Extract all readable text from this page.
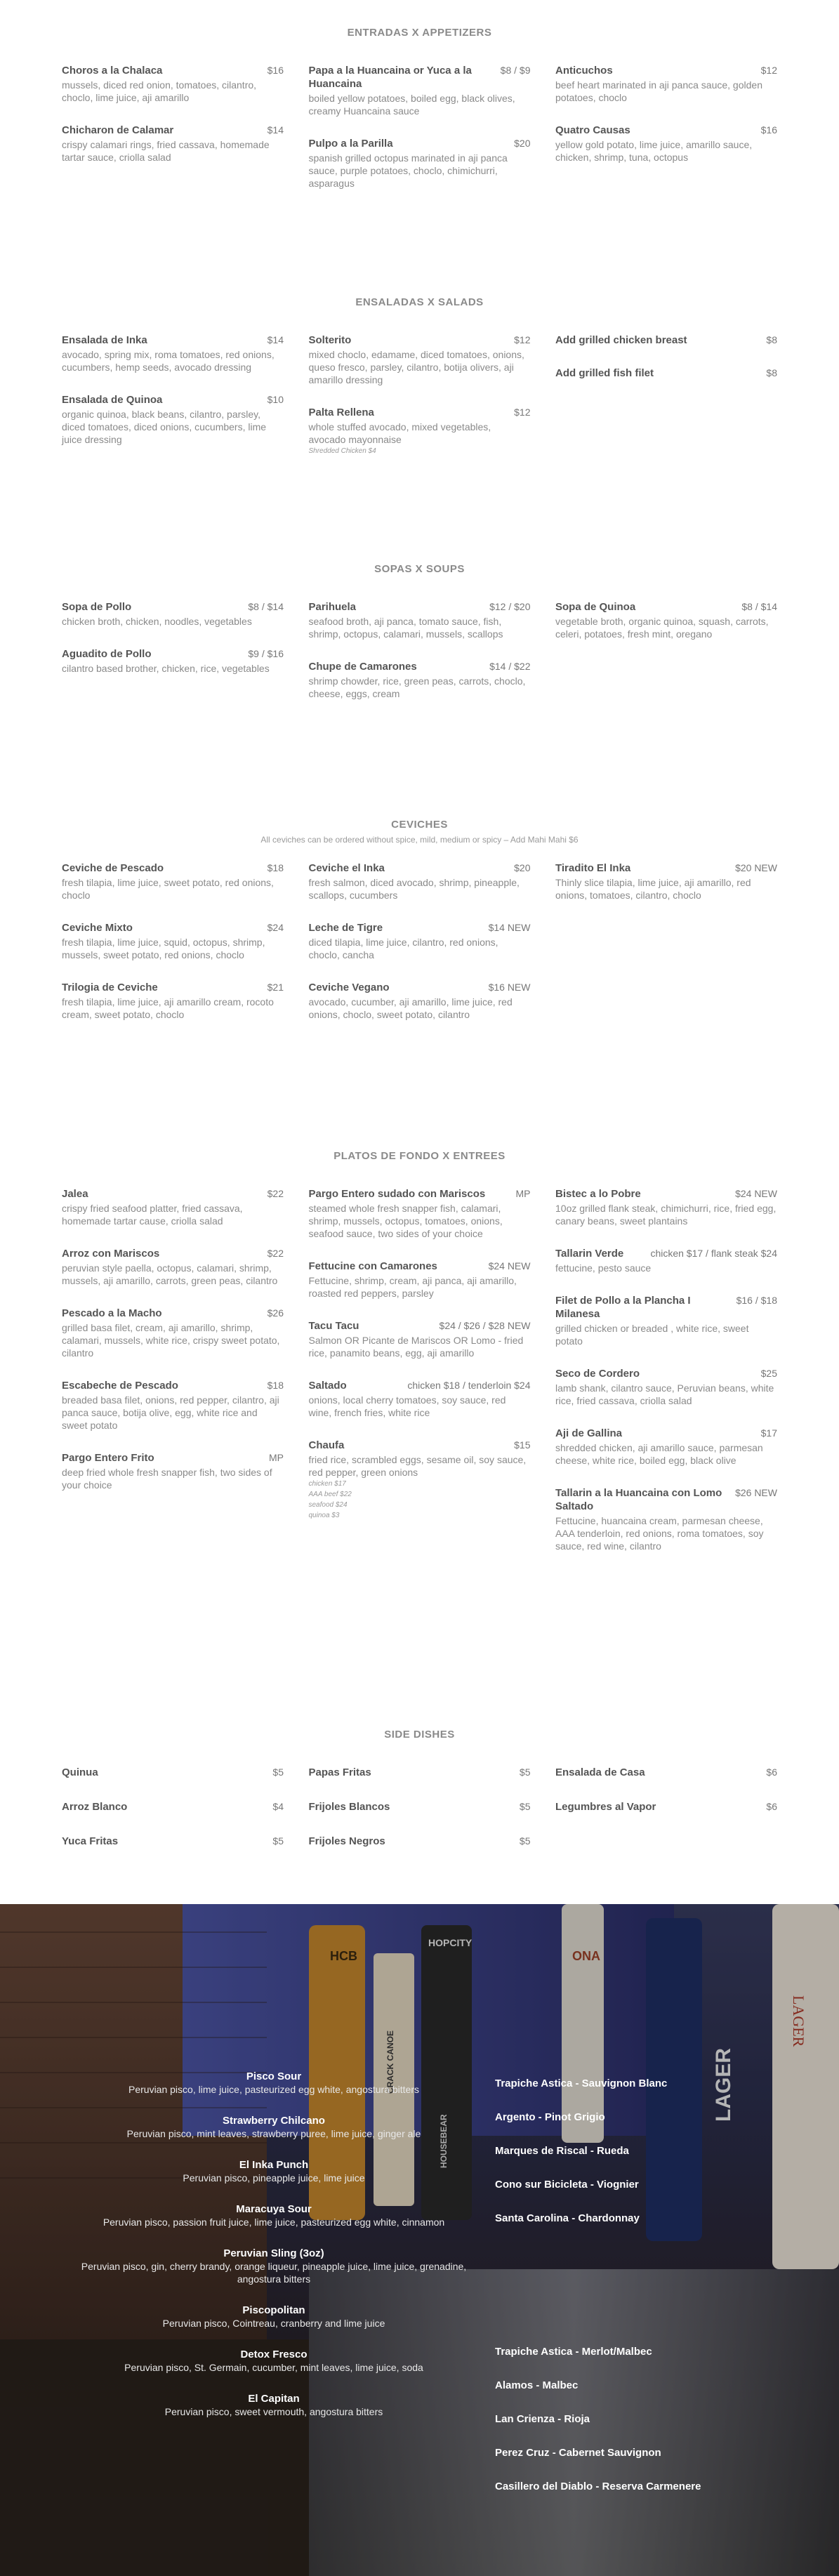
ENTRADAS X APPETIZERS
Choros a la Chalaca	$16
mussels, diced red onion, tomatoes, cilantro, choclo, lime juice, aji amarillo
Chicharon de Calamar	$14
crispy calamari rings, fried cassava, homemade tartar sauce, criolla salad
Papa a la Huancaina or Yuca a la Huancaina
$8 / $9
boiled yellow potatoes, boiled egg, black olives, creamy Huancaina sauce
Pulpo a la Parilla	$20
spanish grilled octopus marinated in aji panca sauce, purple potatoes, choclo, chimichurri, asparagus
Anticuchos	$12
beef heart marinated in aji panca sauce, golden potatoes, choclo
Quatro Causas	$16
yellow gold potato, lime juice, amarillo sauce, chicken, shrimp, tuna, octopus
ENSALADAS X SALADS
Ensalada de Inka	$14
avocado, spring mix, roma tomatoes, red onions, cucumbers, hemp seeds, avocado dressing
Ensalada de Quinoa	$10
organic quinoa, black beans, cilantro, parsley, diced tomatoes, diced onions, cucumbers, lime juice dressing
Solterito	$12
mixed choclo, edamame, diced tomatoes, onions, queso fresco, parsley, cilantro, botija olivers, aji amarillo dressing
Palta Rellena	$12
whole stuffed avocado, mixed vegetables, avocado mayonnaise
Shredded Chicken $4
Add grilled chicken breast	$8
Add grilled fish filet	$8
SOPAS X SOUPS
Sopa de Pollo	$8 / $14
chicken broth, chicken, noodles, vegetables
Aguadito de Pollo	$9 / $16
cilantro based brother, chicken, rice, vegetables
Parihuela	$12 / $20
seafood broth, aji panca, tomato sauce, fish, shrimp, octopus, calamari, mussels, scallops
Chupe de Camarones	$14 / $22
shrimp chowder, rice, green peas, carrots, choclo, cheese, eggs, cream
Sopa de Quinoa	$8 / $14
vegetable broth, organic quinoa, squash, carrots, celeri, potatoes, fresh mint, oregano
CEVICHES

All ceviches can be ordered without spice, mild, medium or spicy – Add Mahi Mahi $6

Ceviche de Pescado	$18
fresh tilapia, lime juice, sweet potato, red onions, choclo
Ceviche Mixto	$24
fresh tilapia, lime juice, squid, octopus, shrimp, mussels, sweet potato, red onions, choclo
Trilogia de Ceviche	$21
fresh tilapia, lime juice, aji amarillo cream, rocoto cream, sweet potato, choclo
Ceviche el Inka	$20
fresh salmon, diced avocado, shrimp, pineapple, scallops, cucumbers
Leche de Tigre	$14 NEW
diced tilapia, lime juice, cilantro, red onions, choclo, cancha
Ceviche Vegano	$16 NEW
avocado, cucumber, aji amarillo, lime juice, red onions, choclo, sweet potato, cilantro
Tiradito El Inka	$20 NEW
Thinly slice tilapia, lime juice, aji amarillo, red onions, tomatoes, cilantro, choclo
PLATOS DE FONDO X ENTREES
Jalea	$22
crispy fried seafood platter, fried cassava, homemade tartar cause, criolla salad
Arroz con Mariscos	$22
peruvian style paella, octopus, calamari, shrimp, mussels, aji amarillo, carrots, green peas, cilantro
Pescado a la Macho	$26
grilled basa filet, cream, aji amarillo, shrimp, calamari, mussels, white rice, crispy sweet potato, cilantro
Escabeche de Pescado	$18
breaded basa filet, onions, red pepper, cilantro, aji panca sauce, botija olive, egg, white rice and sweet potato
Pargo Entero Frito	MP
deep fried whole fresh snapper fish, two sides of your choice
Pargo Entero sudado con Mariscos	MP
steamed whole fresh snapper fish, calamari, shrimp, mussels, octopus, tomatoes, onions, seafood sauce, two sides of your choice
Fettucine con Camarones	$24 NEW
Fettucine, shrimp, cream, aji panca, aji amarillo, roasted red peppers, parsley
Tacu Tacu	$24 / $26 / $28 NEW
Salmon OR Picante de Mariscos OR Lomo - fried rice, panamito beans, egg, aji amarillo
Saltado	chicken $18 / tenderloin $24
onions, local cherry tomatoes, soy sauce, red wine, french fries, white rice
Chaufa	$15
fried rice, scrambled eggs, sesame oil, soy sauce, red pepper, green onions
chicken $17
AAA beef $22
seafood $24
quinoa $3
Bistec a lo Pobre	$24 NEW
10oz grilled flank steak, chimichurri, rice, fried egg, canary beans, sweet plantains
Tallarin Verde	chicken $17 / flank steak $24
fettucine, pesto sauce
Filet de Pollo a la Plancha I Milanesa
$16 / $18
grilled chicken or breaded , white rice, sweet potato
Seco de Cordero	$25
lamb shank, cilantro sauce, Peruvian beans, white rice, fried cassava, criolla salad
Aji de Gallina	$17
shredded chicken, aji amarillo sauce, parmesan cheese, white rice, boiled egg, black olive
Tallarin a la Huancaina con Lomo Saltado
$26 NEW
Fettucine, huancaina cream, parmesan cheese, AAA tenderloin, red onions, roma tomatoes, soy sauce, red wine, cilantro
SIDE DISHES
Quinua	$5
Arroz Blanco	$4
Yuca Fritas	$5
Papas Fritas	$5
Frijoles Blancos	$5
Frijoles Negros	$5
Ensalada de Casa	$6
Legumbres al Vapor	$6
HCB
HOPCITY
LAGER
LAGER
CRACK CANOE
HOUSEBEAR
ONA
Pisco Sour
Peruvian pisco, lime juice, pasteurized egg white, angostura bitters
Strawberry Chilcano
Peruvian pisco, mint leaves, strawberry puree, lime juice, ginger ale
El Inka Punch
Peruvian pisco, pineapple juice, lime juice
Maracuya Sour
Peruvian pisco, passion fruit juice, lime juice, pasteurized egg white, cinnamon
Peruvian Sling (3oz)
Peruvian pisco, gin, cherry brandy, orange liqueur, pineapple juice, lime juice, grenadine, angostura bitters
Piscopolitan
Peruvian pisco, Cointreau, cranberry and lime juice
Detox Fresco
Peruvian pisco, St. Germain, cucumber, mint leaves, lime juice, soda
El Capitan
Peruvian pisco, sweet vermouth, angostura bitters
Trapiche Astica - Sauvignon Blanc
Argento - Pinot Grigio
Marques de Riscal - Rueda
Cono sur Bicicleta - Viognier
Santa Carolina - Chardonnay
Trapiche Astica - Merlot/Malbec
Alamos - Malbec
Lan Crienza - Rioja
Perez Cruz - Cabernet Sauvignon
Casillero del Diablo - Reserva Carmenere
